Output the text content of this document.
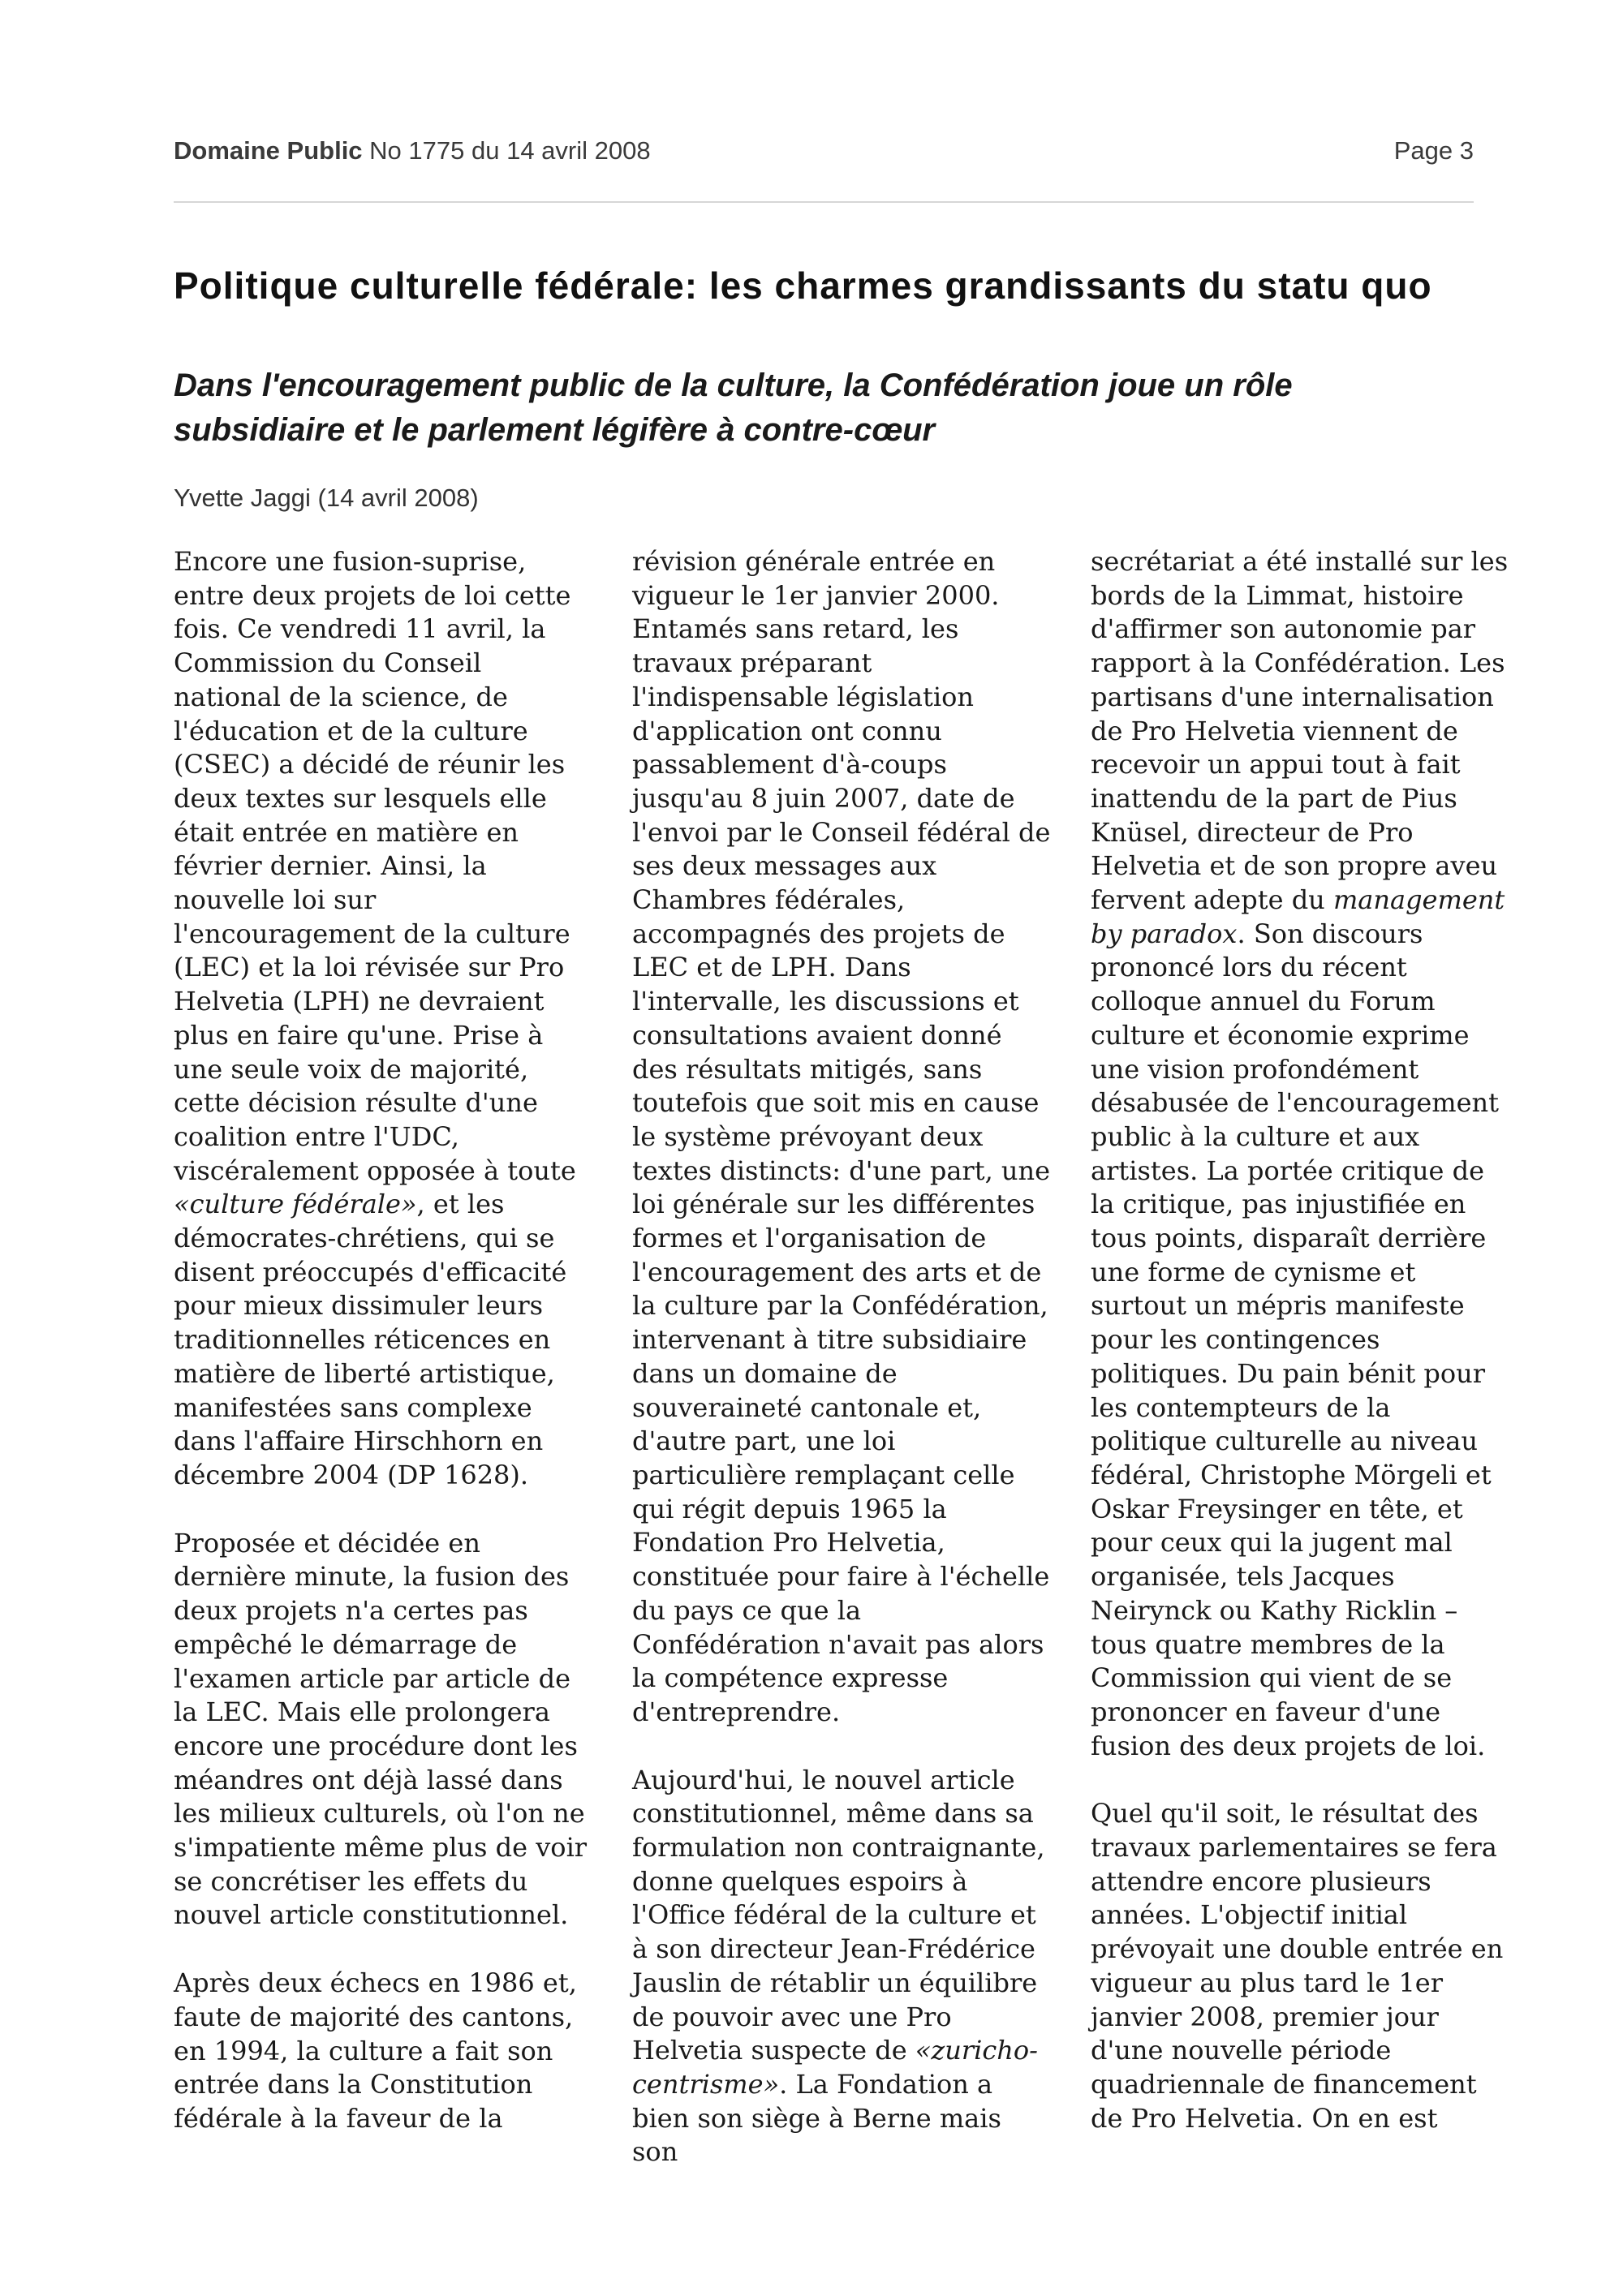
Domaine Public No 1775 du 14 avril 2008	Page 3
Politique culturelle fédérale: les charmes grandissants du statu quo
Dans l'encouragement public de la culture, la Confédération joue un rôle subsidiaire et le parlement légifère à contre-cœur
Yvette Jaggi (14 avril 2008)

Encore une fusion-suprise, entre deux projets de loi cette fois. Ce vendredi 11 avril, la Commission du Conseil national de la science, de l'éducation et de la culture (CSEC) a décidé de réunir les deux textes sur lesquels elle était entrée en matière en février dernier. Ainsi, la nouvelle loi sur l'encouragement de la culture (LEC) et la loi révisée sur Pro Helvetia (LPH) ne devraient plus en faire qu'une. Prise à une seule voix de majorité, cette décision résulte d'une coalition entre l'UDC, viscéralement opposée à toute «culture fédérale», et les démocrates-chrétiens, qui se disent préoccupés d'efficacité pour mieux dissimuler leurs traditionnelles réticences en matière de liberté artistique, manifestées sans complexe dans l'affaire Hirschhorn en décembre 2004 (DP 1628).

Proposée et décidée en dernière minute, la fusion des deux projets n'a certes pas empêché le démarrage de l'examen article par article de la LEC. Mais elle prolongera encore une procédure dont les méandres ont déjà lassé dans les milieux culturels, où l'on ne s'impatiente même plus de voir se concrétiser les effets du nouvel article constitutionnel.

Après deux échecs en 1986 et, faute de majorité des cantons, en 1994, la culture a fait son entrée dans la Constitution fédérale à la faveur de la

révision générale entrée en vigueur le 1er janvier 2000. Entamés sans retard, les travaux préparant l'indispensable législation d'application ont connu passablement d'à-coups jusqu'au 8 juin 2007, date de l'envoi par le Conseil fédéral de ses deux messages aux Chambres fédérales, accompagnés des projets de LEC et de LPH. Dans l'intervalle, les discussions et consultations avaient donné des résultats mitigés, sans toutefois que soit mis en cause le système prévoyant deux textes distincts: d'une part, une loi générale sur les différentes formes et l'organisation de l'encouragement des arts et de la culture par la Confédération, intervenant à titre subsidiaire dans un domaine de souveraineté cantonale et, d'autre part, une loi particulière remplaçant celle qui régit depuis 1965 la Fondation Pro Helvetia, constituée pour faire à l'échelle du pays ce que la Confédération n'avait pas alors la compétence expresse d'entreprendre.

Aujourd'hui, le nouvel article constitutionnel, même dans sa formulation non contraignante, donne quelques espoirs à l'Office fédéral de la culture et à son directeur Jean-Frédérice Jauslin de rétablir un équilibre de pouvoir avec une Pro Helvetia suspecte de «zuricho-centrisme». La Fondation a bien son siège à Berne mais son

secrétariat a été installé sur les bords de la Limmat, histoire d'affirmer son autonomie par rapport à la Confédération. Les partisans d'une internalisation de Pro Helvetia viennent de recevoir un appui tout à fait inattendu de la part de Pius Knüsel, directeur de Pro Helvetia et de son propre aveu fervent adepte du management by paradox. Son discours prononcé lors du récent colloque annuel du Forum culture et économie exprime une vision profondément désabusée de l'encouragement public à la culture et aux artistes. La portée critique de la critique, pas injustifiée en tous points, disparaît derrière une forme de cynisme et surtout un mépris manifeste pour les contingences politiques. Du pain bénit pour les contempteurs de la politique culturelle au niveau fédéral, Christophe Mörgeli et Oskar Freysinger en tête, et pour ceux qui la jugent mal organisée, tels Jacques Neirynck ou Kathy Ricklin – tous quatre membres de la Commission qui vient de se prononcer en faveur d'une fusion des deux projets de loi.

Quel qu'il soit, le résultat des travaux parlementaires se fera attendre encore plusieurs années. L'objectif initial prévoyait une double entrée en vigueur au plus tard le 1er janvier 2008, premier jour d'une nouvelle période quadriennale de financement de Pro Helvetia. On en est
